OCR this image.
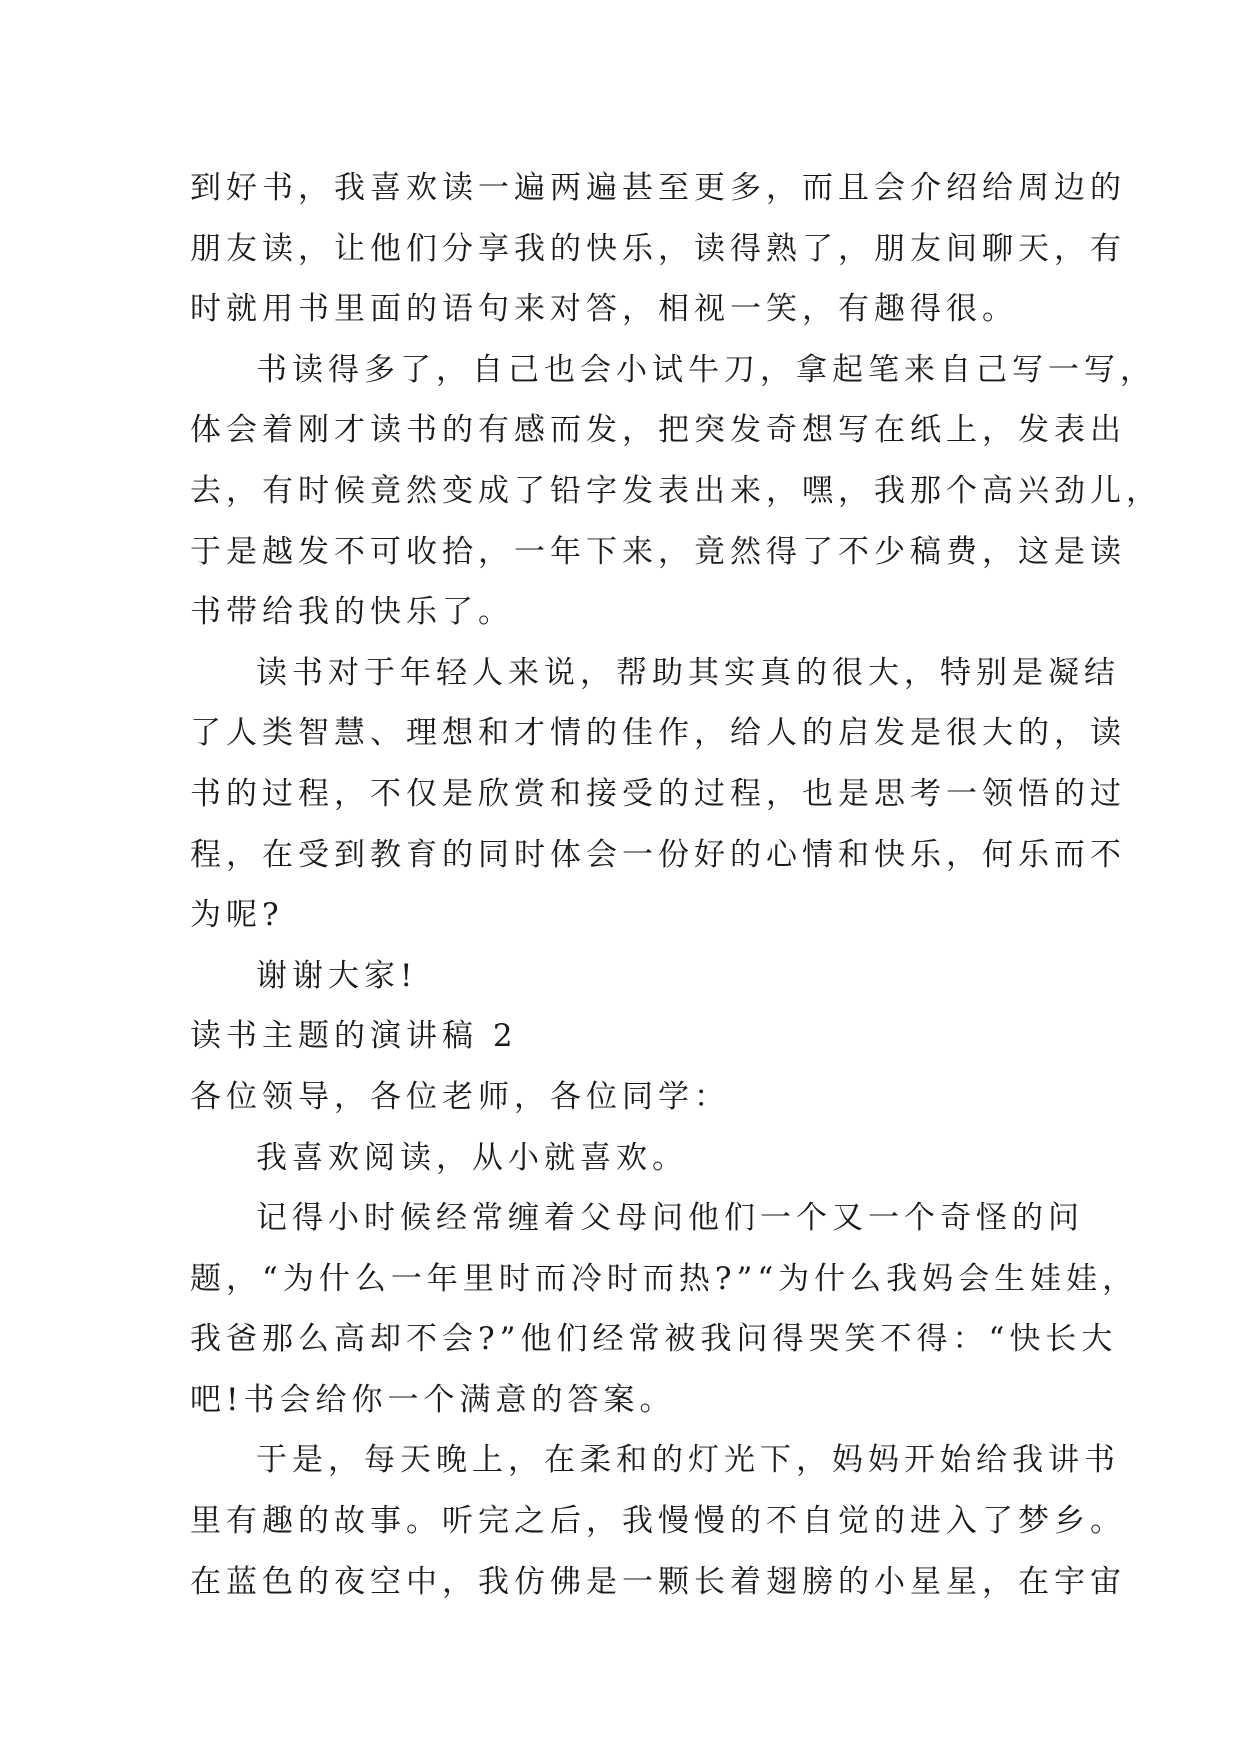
到好书，我喜欢读一遍两遍甚至更多，而且会介绍给周边的
朋友读，让他们分享我的快乐，读得熟了，朋友间聊天，有
时就用书里面的语句来对答，相视一笑，有趣得很。
书读得多了，自己也会小试牛刀，拿起笔来自己写一写，
体会着刚才读书的有感而发，把突发奇想写在纸上，发表出
去，有时候竟然变成了铅字发表出来，嘿，我那个高兴劲儿，
于是越发不可收拾，一年下来，竟然得了不少稿费，这是读
书带给我的快乐了。
读书对于年轻人来说，帮助其实真的很大，特别是凝结
了人类智慧、理想和才情的佳作，给人的启发是很大的，读
书的过程，不仅是欣赏和接受的过程，也是思考一领悟的过
程，在受到教育的同时体会一份好的心情和快乐，何乐而不
为呢?
谢谢大家!
读书主题的演讲稿 2
各位领导，各位老师，各位同学：
我喜欢阅读，从小就喜欢。
记得小时候经常缠着父母问他们一个又一个奇怪的问
题，“为什么一年里时而冷时而热?”“为什么我妈会生娃娃，
我爸那么高却不会?”他们经常被我问得哭笑不得：“快长大
吧!书会给你一个满意的答案。
于是，每天晚上，在柔和的灯光下，妈妈开始给我讲书
里有趣的故事。听完之后，我慢慢的不自觉的进入了梦乡。
在蓝色的夜空中，我仿佛是一颗长着翅膀的小星星，在宇宙
